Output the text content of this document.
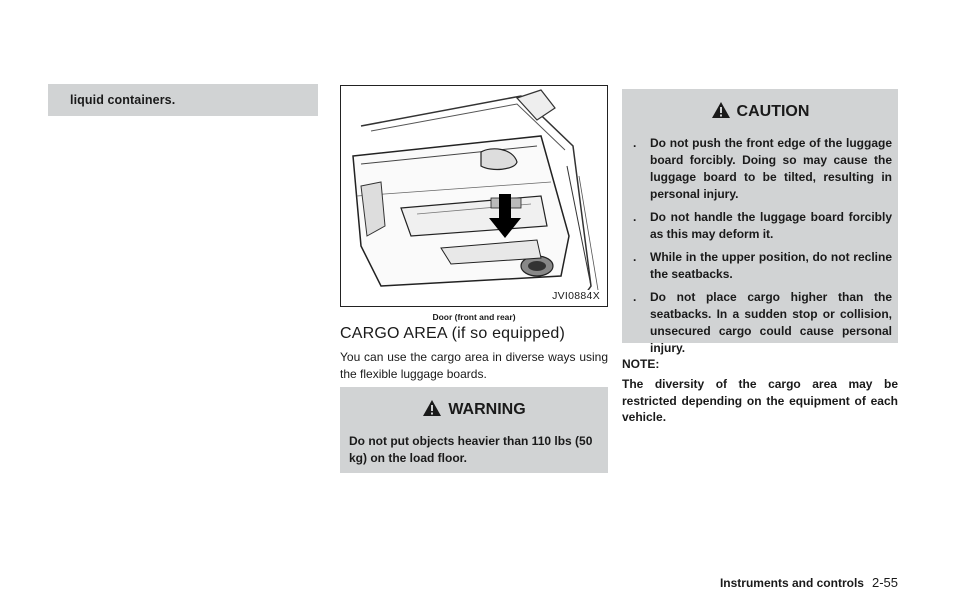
liquid containers.
JVI0884X
Door (front and rear)
CARGO AREA (if so equipped)
You can use the cargo area in diverse ways using the flexible luggage boards.
WARNING
Do not put objects heavier than 110 lbs (50 kg) on the load floor.
CAUTION
. Do not push the front edge of the luggage board forcibly. Doing so may cause the luggage board to be tilted, resulting in personal injury.
. Do not handle the luggage board forcibly as this may deform it.
. While in the upper position, do not recline the seatbacks.
. Do not place cargo higher than the seatbacks. In a sudden stop or collision, unsecured cargo could cause personal injury.
NOTE:
The diversity of the cargo area may be restricted depending on the equipment of each vehicle.
Instruments and controls 2-55
